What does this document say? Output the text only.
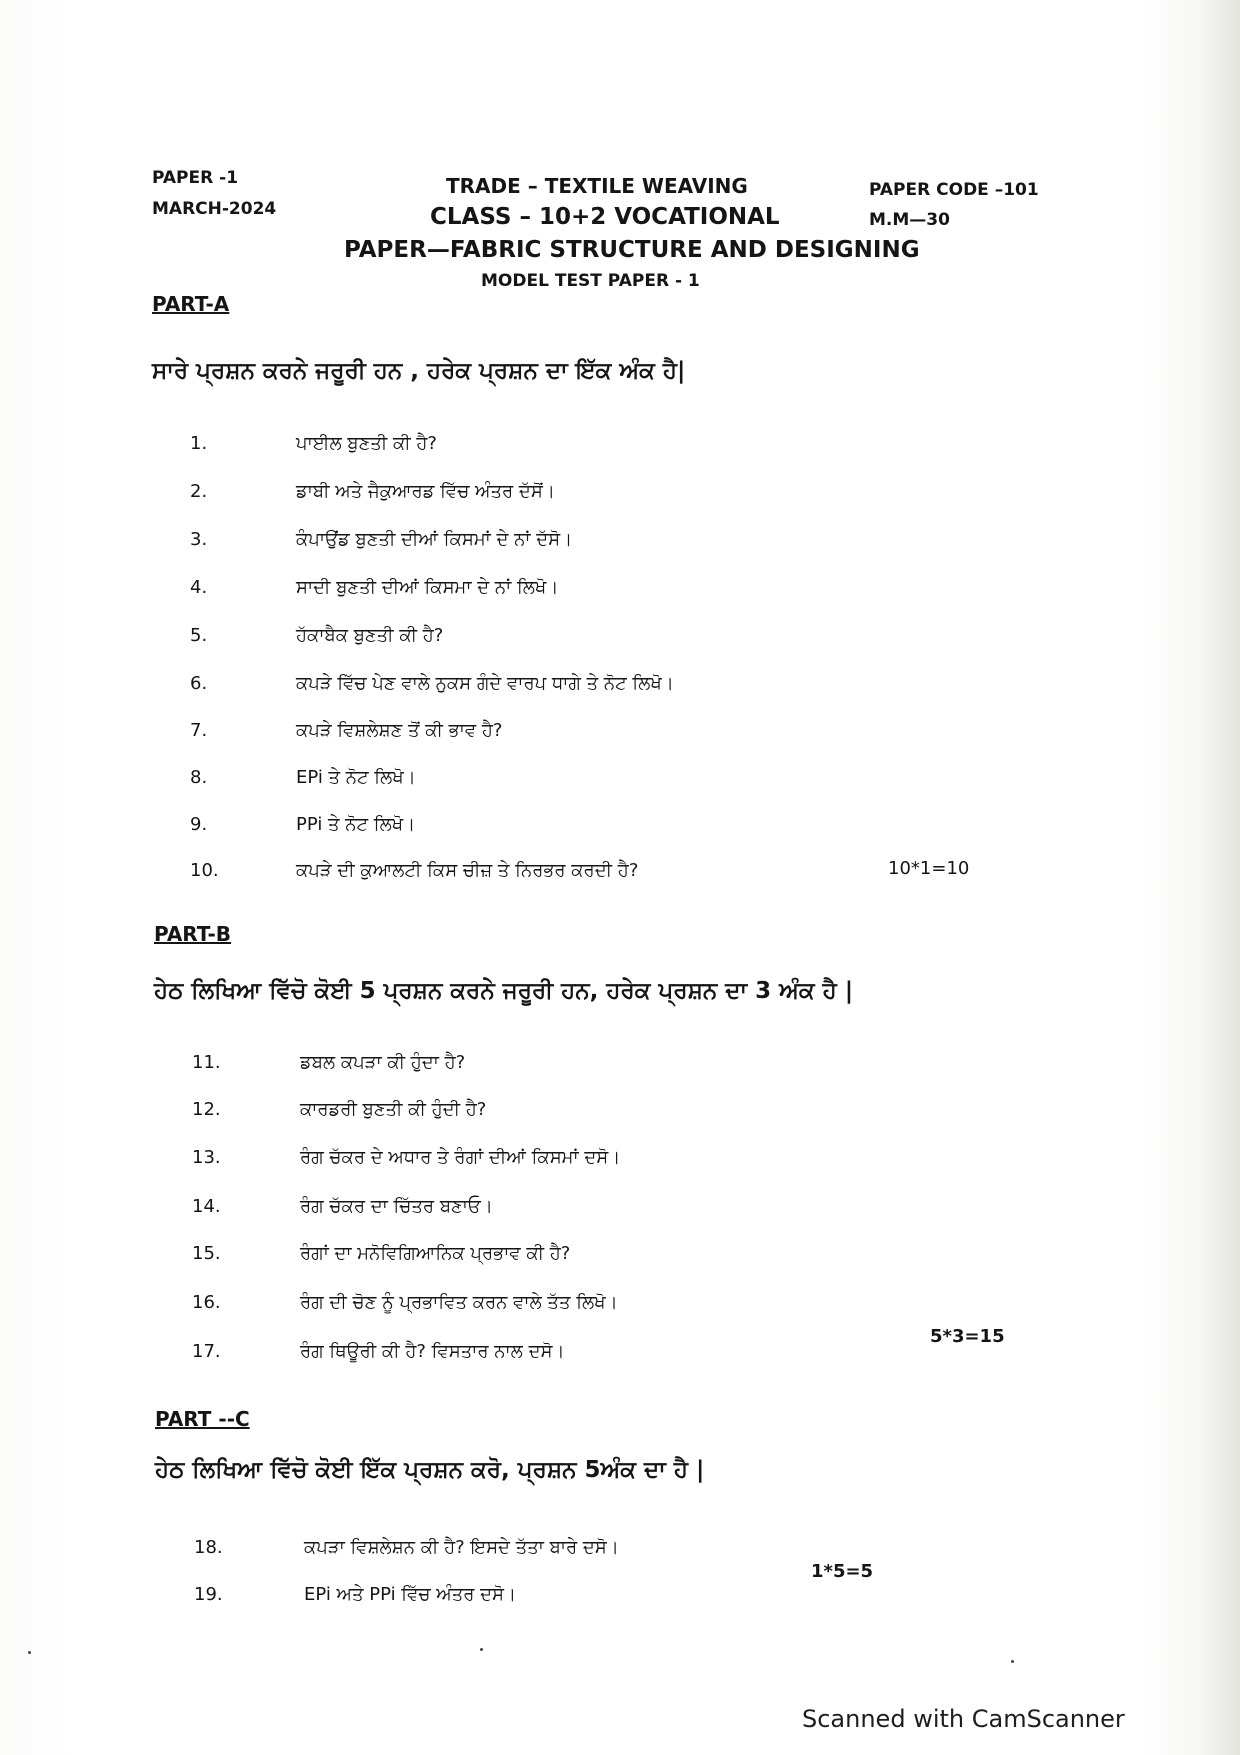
PAPER -1
MARCH-2024
TRADE – TEXTILE WEAVING
CLASS – 10+2 VOCATIONAL
PAPER—FABRIC STRUCTURE AND DESIGNING
MODEL TEST PAPER - 1
PAPER CODE –101
M.M—30
PART-A
ਸਾਰੇ ਪ੍ਰਸ਼ਨ ਕਰਨੇ ਜਰੂਰੀ ਹਨ , ਹਰੇਕ ਪ੍ਰਸ਼ਨ ਦਾ ਇੱਕ ਅੰਕ ਹੈ|
1.	ਪਾਈਲ ਬੁਣਤੀ ਕੀ ਹੈ?
2.	ਡਾਬੀ ਅਤੇ ਜੈਕੁਆਰਡ ਵਿੱਚ ਅੰਤਰ ਦੱਸੋਂ।
3.	ਕੰਪਾਉਂਡ ਬੁਣਤੀ ਦੀਆਂ ਕਿਸਮਾਂ ਦੇ ਨਾਂ ਦੱਸੋ।
4.	ਸਾਦੀ ਬੁਣਤੀ ਦੀਆਂ ਕਿਸਮਾ ਦੇ ਨਾਂ ਲਿਖੋ।
5.	ਹੱਕਾਬੈਕ ਬੁਣਤੀ ਕੀ ਹੈ?
6.	ਕਪੜੇ ਵਿੱਚ ਪੇਣ ਵਾਲੇ ਨੁਕਸ ਗੰਦੇ ਵਾਰਪ ਧਾਗੇ ਤੇ ਨੋਟ ਲਿਖੋ।
7.	ਕਪੜੇ ਵਿਸ਼ਲੇਸ਼ਣ ਤੋਂ ਕੀ ਭਾਵ ਹੈ?
8.	EPi ਤੇ ਨੋਟ ਲਿਖੋ।
9.	PPi ਤੇ ਨੋਟ ਲਿਖੋ।
10.	ਕਪੜੇ ਦੀ ਕੁਆਲਟੀ ਕਿਸ ਚੀਜ਼ ਤੇ ਨਿਰਭਰ ਕਰਦੀ ਹੈ?	10*1=10
PART-B
ਹੇਠ ਲਿਖਿਆ ਵਿੱਚੋ ਕੋਈ 5 ਪ੍ਰਸ਼ਨ ਕਰਨੇ ਜਰੂਰੀ ਹਨ, ਹਰੇਕ ਪ੍ਰਸ਼ਨ ਦਾ 3 ਅੰਕ ਹੈ |
11.	ਡਬਲ ਕਪੜਾ ਕੀ ਹੁੰਦਾ ਹੈ?
12.	ਕਾਰਡਰੀ ਬੁਣਤੀ ਕੀ ਹੁੰਦੀ ਹੈ?
13.	ਰੰਗ ਚੱਕਰ ਦੇ ਅਧਾਰ ਤੇ ਰੰਗਾਂ ਦੀਆਂ ਕਿਸਮਾਂ ਦਸੋ।
14.	ਰੰਗ ਚੱਕਰ ਦਾ ਚਿੱਤਰ ਬਣਾਓ।
15.	ਰੰਗਾਂ ਦਾ ਮਨੋਵਿਗਿਆਨਿਕ ਪ੍ਰਭਾਵ ਕੀ ਹੈ?
16.	ਰੰਗ ਦੀ ਚੋਣ ਨੂੰ ਪ੍ਰਭਾਵਿਤ ਕਰਨ ਵਾਲੇ ਤੱਤ ਲਿਖੋ।
17.	ਰੰਗ ਥਿਊਰੀ ਕੀ ਹੈ? ਵਿਸਤਾਰ ਨਾਲ ਦਸੋ।
5*3=15
PART --C
ਹੇਠ ਲਿਖਿਆ ਵਿੱਚੋ ਕੋਈ ਇੱਕ ਪ੍ਰਸ਼ਨ ਕਰੋ, ਪ੍ਰਸ਼ਨ 5ਅੰਕ ਦਾ ਹੈ |
18.	ਕਪੜਾ ਵਿਸ਼ਲੇਸ਼ਨ ਕੀ ਹੈ? ਇਸਦੇ ਤੱਤਾ ਬਾਰੇ ਦਸੋ।
19.	EPi ਅਤੇ PPi ਵਿੱਚ ਅੰਤਰ ਦਸੋ।
1*5=5
Scanned with CamScanner
